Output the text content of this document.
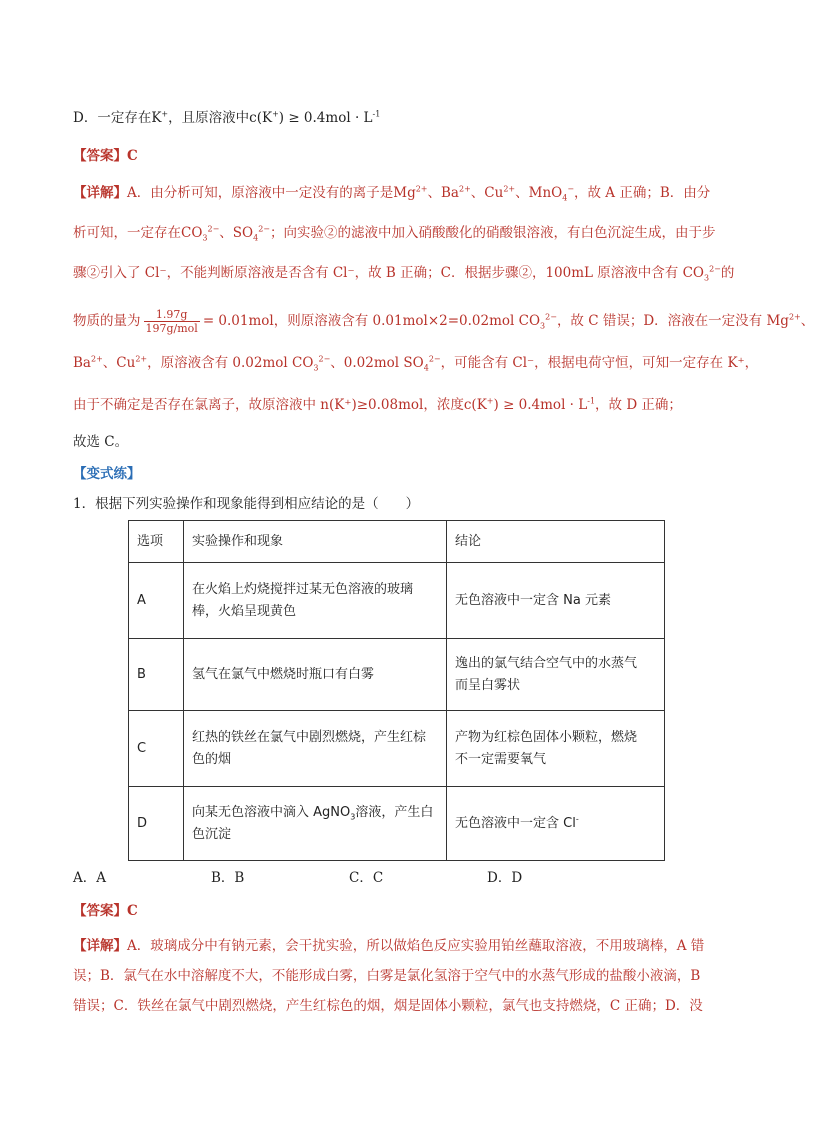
D．一定存在K+，且原溶液中$c(K^+) \ge 0.4mol \cdot L^{-1}$
【答案】C
【详解】A．由分析可知，原溶液中一定没有的离子是$Mg^{2+}$、$Ba^{2+}$、$Cu^{2+}$、MnO$_4$−，故 A 正确；B．由分
析可知，一定存在$CO_3^{2-}$、$SO_4^{2-}$；向实验②的滤液中加入硝酸酸化的硝酸银溶液，有白色沉淀生成，由于步
骤②引入了 Cl⁻，不能判断原溶液是否含有 Cl⁻，故 B 正确；C．根据步骤②，100mL 原溶液中含有 $CO_3^{2-}$的
物质的量为 $\frac{1.97g}{\text{197g/mol}} = 0.01mol$，则原溶液含有 0.01mol×2=0.02mol $CO_3^{2-}$，故 C 错误；D．溶液在一定没有 $Mg^{2+}$、
$Ba^{2+}$、$Cu^{2+}$，原溶液含有 0.02mol $CO_3^{2-}$、0.02mol $SO_4^{2-}$，可能含有 Cl⁻，根据电荷守恒，可知一定存在 K⁺，
由于不确定是否存在氯离子，故原溶液中 n(K⁺)≥0.08mol，浓度$c(K^+) \ge 0.4mol \cdot L^{-1}$，故 D 正确；
故选 C。
【变式练】
1．根据下列实验操作和现象能得到相应结论的是（　　）
选项	实验操作和现象	结论
A	在火焰上灼烧搅拌过某无色溶液的玻璃
棒，火焰呈现黄色	无色溶液中一定含 Na 元素
B	氢气在氯气中燃烧时瓶口有白雾	逸出的氯气结合空气中的水蒸气
而呈白雾状
C	红热的铁丝在氯气中剧烈燃烧，产生红棕
色的烟	产物为红棕色固体小颗粒，燃烧
不一定需要氧气
D	向某无色溶液中滴入 AgNO$_3$溶液，产生白
色沉淀	无色溶液中一定含 Cl-
A．A	B．B	C．C	D．D
【答案】C
【详解】A．玻璃成分中有钠元素，会干扰实验，所以做焰色反应实验用铂丝蘸取溶液，不用玻璃棒，A 错
误；B．氯气在水中溶解度不大，不能形成白雾，白雾是氯化氢溶于空气中的水蒸气形成的盐酸小液滴，B
错误；C．铁丝在氯气中剧烈燃烧，产生红棕色的烟，烟是固体小颗粒，氯气也支持燃烧，C 正确；D．没
